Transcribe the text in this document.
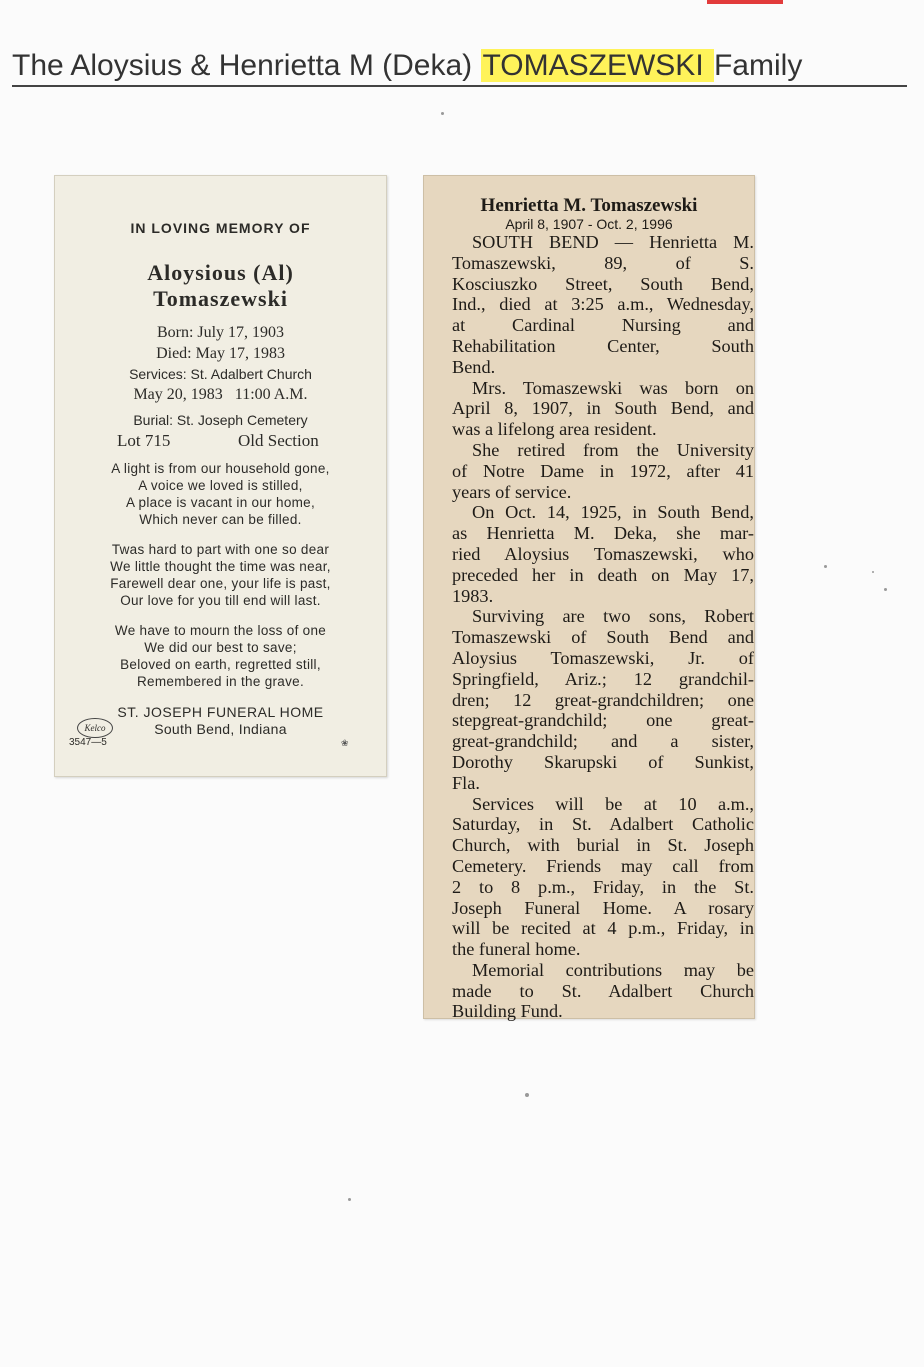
The Aloysius & Henrietta M (Deka) TOMASZEWSKI Family
IN LOVING MEMORY OF
Aloysious (Al)
Tomaszewski
Born: July 17, 1903
Died: May 17, 1983
Services: St. Adalbert Church
May 20, 1983   11:00 A.M.
Burial: St. Joseph Cemetery
Lot 715	Old Section
A light is from our household gone,
A voice we loved is stilled,
A place is vacant in our home,
Which never can be filled.
Twas hard to part with one so dear
We little thought the time was near,
Farewell dear one, your life is past,
Our love for you till end will last.
We have to mourn the loss of one
We did our best to save;
Beloved on earth, regretted still,
Remembered in the grave.
ST. JOSEPH FUNERAL HOME
South Bend, Indiana
Kelco
3547—5	❀
Henrietta M. Tomaszewski
April 8, 1907 - Oct. 2, 1996
SOUTH BEND — Henrietta M.
Tomaszewski, 89, of S.
Kosciuszko Street, South Bend,
Ind., died at 3:25 a.m., Wednesday,
at Cardinal Nursing and
Rehabilitation Center, South
Bend.
Mrs. Tomaszewski was born on
April 8, 1907, in South Bend, and
was a lifelong area resident.
She retired from the University
of Notre Dame in 1972, after 41
years of service.
On Oct. 14, 1925, in South Bend,
as Henrietta M. Deka, she mar-
ried Aloysius Tomaszewski, who
preceded her in death on May 17,
1983.
Surviving are two sons, Robert
Tomaszewski of South Bend and
Aloysius Tomaszewski, Jr. of
Springfield, Ariz.; 12 grandchil-
dren; 12 great-grandchildren; one
stepgreat-grandchild; one great-
great-grandchild; and a sister,
Dorothy Skarupski of Sunkist,
Fla.
Services will be at 10 a.m.,
Saturday, in St. Adalbert Catholic
Church, with burial in St. Joseph
Cemetery. Friends may call from
2 to 8 p.m., Friday, in the St.
Joseph Funeral Home. A rosary
will be recited at 4 p.m., Friday, in
the funeral home.
Memorial contributions may be
made to St. Adalbert Church
Building Fund.
